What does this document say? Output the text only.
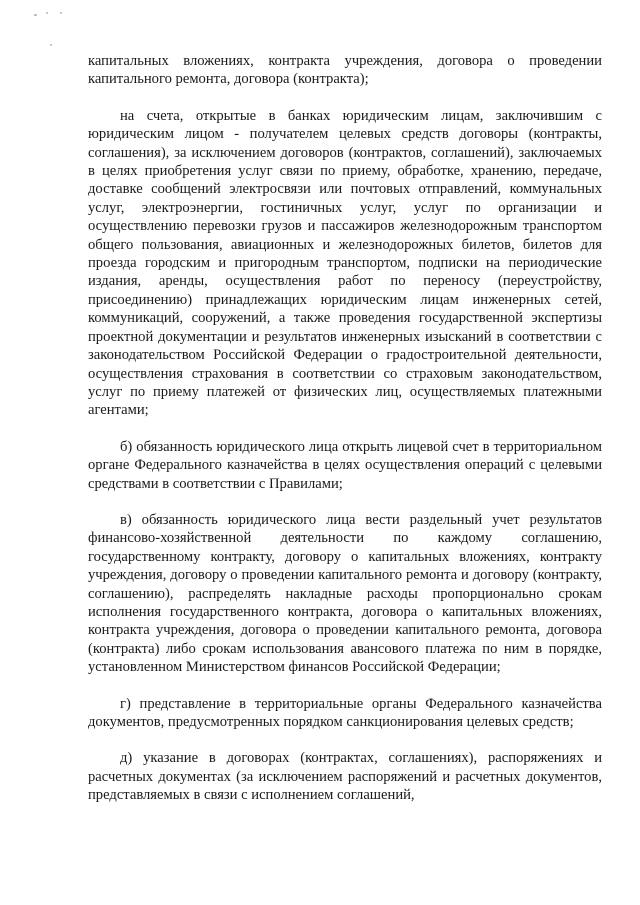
капитальных вложениях, контракта учреждения, договора о проведении капитального ремонта, договора (контракта);

на счета, открытые в банках юридическим лицам, заключившим с юридическим лицом - получателем целевых средств договоры (контракты, соглашения), за исключением договоров (контрактов, соглашений), заключаемых в целях приобретения услуг связи по приему, обработке, хранению, передаче, доставке сообщений электросвязи или почтовых отправлений, коммунальных услуг, электроэнергии, гостиничных услуг, услуг по организации и осуществлению перевозки грузов и пассажиров железнодорожным транспортом общего пользования, авиационных и железнодорожных билетов, билетов для проезда городским и пригородным транспортом, подписки на периодические издания, аренды, осуществления работ по переносу (переустройству, присоединению) принадлежащих юридическим лицам инженерных сетей, коммуникаций, сооружений, а также проведения государственной экспертизы проектной документации и результатов инженерных изысканий в соответствии с законодательством Российской Федерации о градостроительной деятельности, осуществления страхования в соответствии со страховым законодательством, услуг по приему платежей от физических лиц, осуществляемых платежными агентами;

б) обязанность юридического лица открыть лицевой счет в территориальном органе Федерального казначейства в целях осуществления операций с целевыми средствами в соответствии с Правилами;

в) обязанность юридического лица вести раздельный учет результатов финансово-хозяйственной деятельности по каждому соглашению, государственному контракту, договору о капитальных вложениях, контракту учреждения, договору о проведении капитального ремонта и договору (контракту, соглашению), распределять накладные расходы пропорционально срокам исполнения государственного контракта, договора о капитальных вложениях, контракта учреждения, договора о проведении капитального ремонта, договора (контракта) либо срокам использования авансового платежа по ним в порядке, установленном Министерством финансов Российской Федерации;

г) представление в территориальные органы Федерального казначейства документов, предусмотренных порядком санкционирования целевых средств;

д) указание в договорах (контрактах, соглашениях), распоряжениях и расчетных документах (за исключением распоряжений и расчетных документов, представляемых в связи с исполнением соглашений,
